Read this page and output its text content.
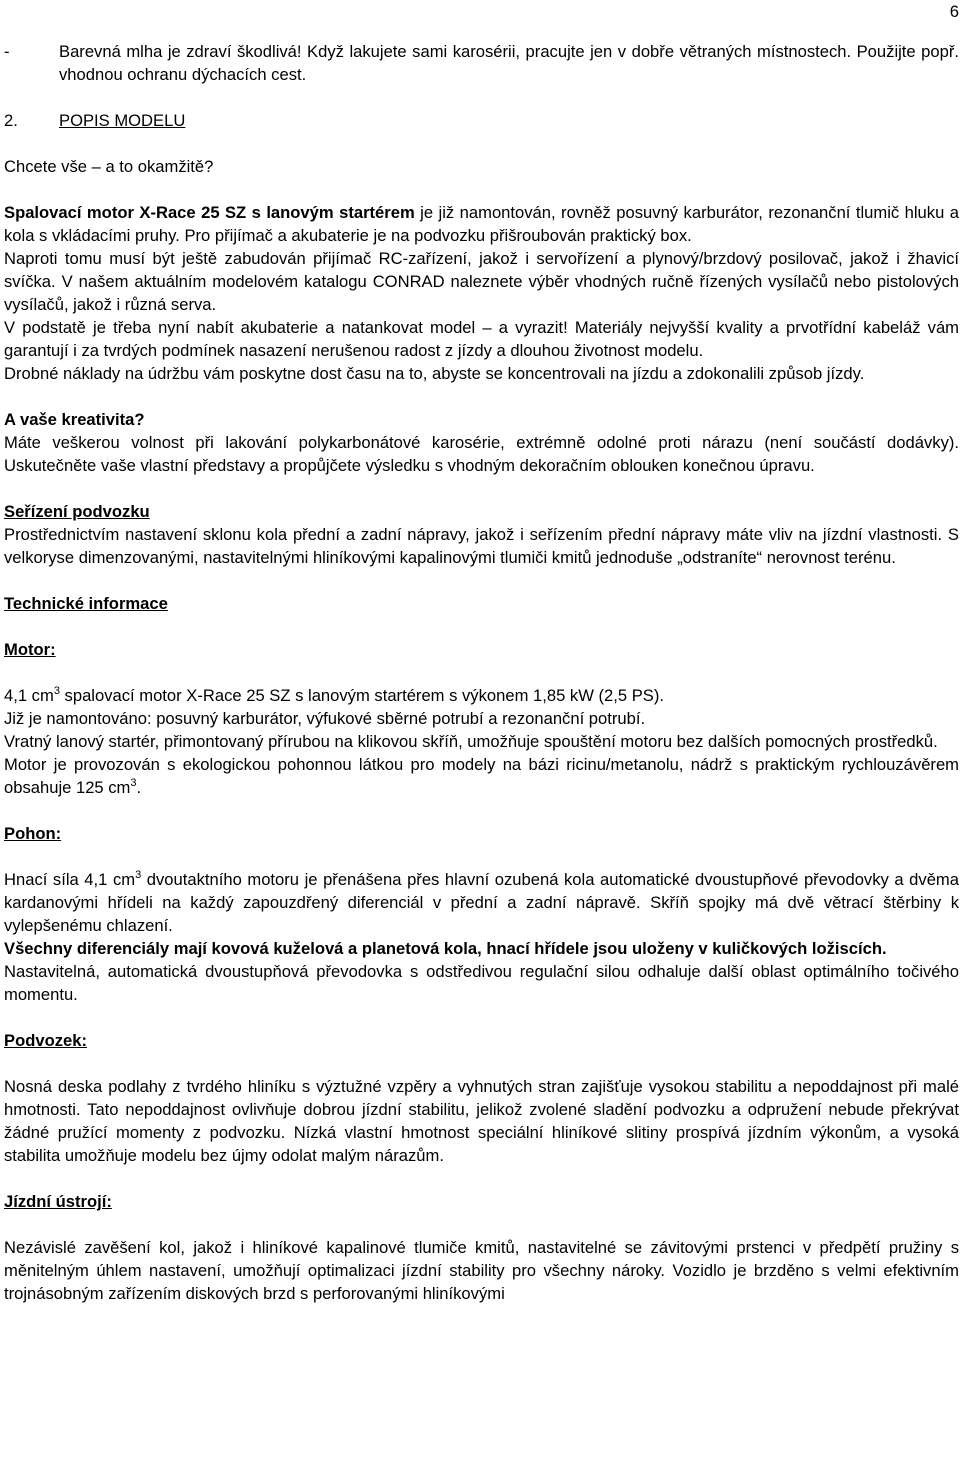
6
-	Barevná mlha je zdraví škodlivá! Když lakujete sami karosérii, pracujte jen v dobře větraných místnostech. Použijte popř. vhodnou ochranu dýchacích cest.

2. POPIS MODELU

Chcete vše – a to okamžitě?

Spalovací motor X-Race 25 SZ s lanovým startérem je již namontován, rovněž posuvný karburátor, rezonanční tlumič hluku a kola s vkládacími pruhy. Pro přijímač a akubaterie je na podvozku přišroubován praktický box.

Naproti tomu musí být ještě zabudován přijímač RC-zařízení, jakož i servořízení a plynový/brzdový posilovač, jakož i žhavicí svíčka. V našem aktuálním modelovém katalogu CONRAD naleznete výběr vhodných ručně řízených vysílačů nebo pistolových vysílačů, jakož i různá serva.

V podstatě je třeba nyní nabít akubaterie a natankovat model – a vyrazit! Materiály nejvyšší kvality a prvotřídní kabeláž vám garantují i za tvrdých podmínek nasazení nerušenou radost z jízdy a dlouhou životnost modelu.

Drobné náklady na údržbu vám poskytne dost času na to, abyste se koncentrovali na jízdu a zdokonalili způsob jízdy.

A vaše kreativita?

Máte veškerou volnost při lakování polykarbonátové karosérie, extrémně odolné proti nárazu (není součástí dodávky). Uskutečněte vaše vlastní představy a propůjčete výsledku s vhodným dekoračním oblouken konečnou úpravu.

Seřízení podvozku

Prostřednictvím nastavení sklonu kola přední a zadní nápravy, jakož i seřízením přední nápravy máte vliv na jízdní vlastnosti. S velkoryse dimenzovanými, nastavitelnými hliníkovými kapalinovými tlumiči kmitů jednoduše „odstraníte“ nerovnost terénu.

Technické informace

Motor:

4,1 $cm^3$ spalovací motor X-Race 25 SZ s lanovým startérem s výkonem 1,85 kW (2,5 PS).

Již je namontováno: posuvný karburátor, výfukové sběrné potrubí a rezonanční potrubí.

Vratný lanový startér, přimontovaný přírubou na klikovou skříň, umožňuje spouštění motoru bez dalších pomocných prostředků.

Motor je provozován s ekologickou pohonnou látkou pro modely na bázi ricinu/metanolu, nádrž s praktickým rychlouzávěrem obsahuje 125 $cm^3$.

Pohon:

Hnací síla 4,1 $cm^3$ dvoutaktního motoru je přenášena přes hlavní ozubená kola automatické dvoustupňové převodovky a dvěma kardanovými hřídeli na každý zapouzdřený diferenciál v přední a zadní nápravě. Skříň spojky má dvě větrací štěrbiny k vylepšenému chlazení.

Všechny diferenciály mají kovová kuželová a planetová kola, hnací hřídele jsou uloženy v kuličkových ložiscích.

Nastavitelná, automatická dvoustupňová převodovka s odstředivou regulační silou odhaluje další oblast optimálního točivého momentu.

Podvozek:

Nosná deska podlahy z tvrdého hliníku s výztužné vzpěry a vyhnutých stran zajišťuje vysokou stabilitu a nepoddajnost při malé hmotnosti. Tato nepoddajnost ovlivňuje dobrou jízdní stabilitu, jelikož zvolené sladění podvozku a odpružení nebude překrývat žádné pružící momenty z podvozku. Nízká vlastní hmotnost speciální hliníkové slitiny prospívá jízdním výkonům, a vysoká stabilita umožňuje modelu bez újmy odolat malým nárazům.

Jízdní ústrojí:

Nezávislé zavěšení kol, jakož i hliníkové kapalinové tlumiče kmitů, nastavitelné se závitovými prstenci v předpětí pružiny s měnitelným úhlem nastavení, umožňují optimalizaci jízdní stability pro všechny nároky. Vozidlo je brzděno s velmi efektivním trojnásobným zařízením diskových brzd s perforovanými hliníkovými
